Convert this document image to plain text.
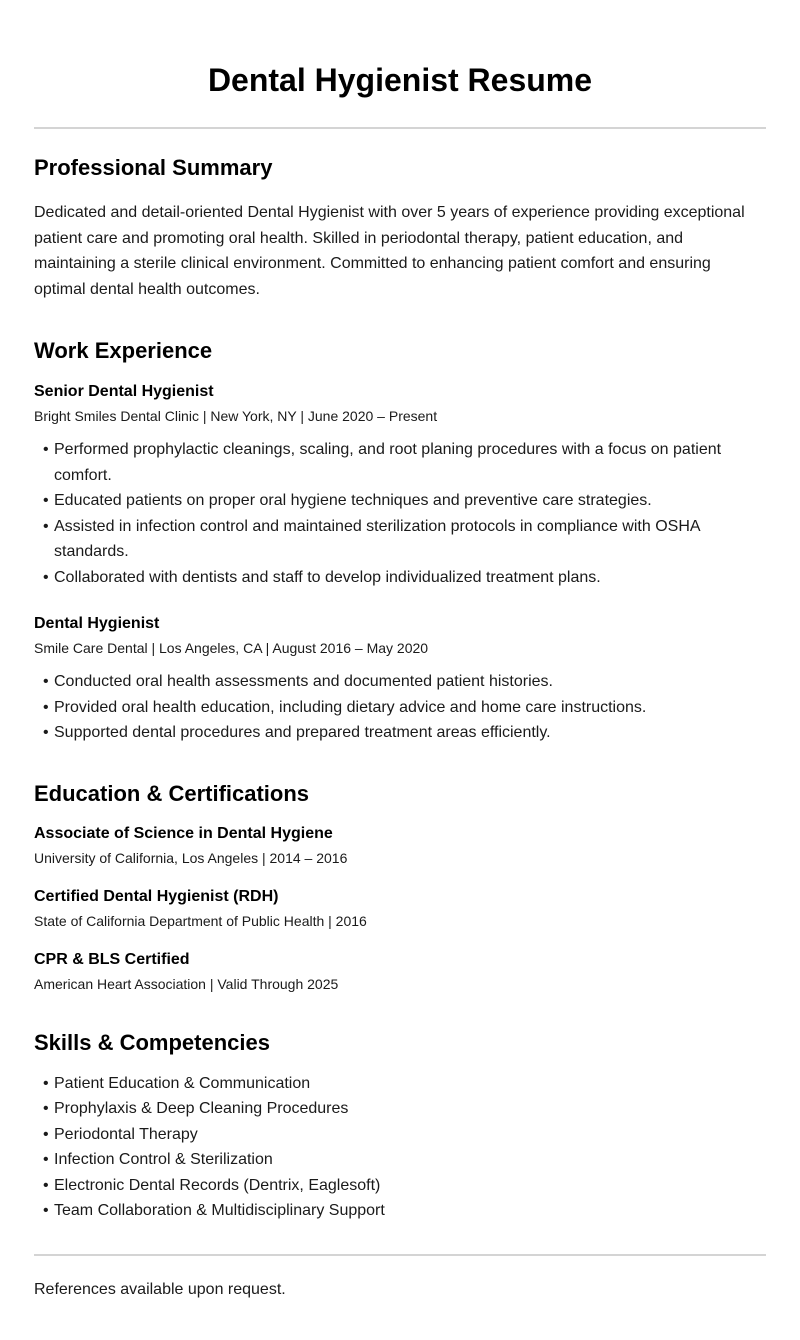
Dental Hygienist Resume
Professional Summary

Dedicated and detail-oriented Dental Hygienist with over 5 years of experience providing exceptional patient care and promoting oral health. Skilled in periodontal therapy, patient education, and maintaining a sterile clinical environment. Committed to enhancing patient comfort and ensuring optimal dental health outcomes.

Work Experience
Senior Dental Hygienist

Bright Smiles Dental Clinic | New York, NY | June 2020 – Present

• Performed prophylactic cleanings, scaling, and root planing procedures with a focus on patient comfort.
• Educated patients on proper oral hygiene techniques and preventive care strategies.
• Assisted in infection control and maintained sterilization protocols in compliance with OSHA standards.
• Collaborated with dentists and staff to develop individualized treatment plans.
Dental Hygienist

Smile Care Dental | Los Angeles, CA | August 2016 – May 2020

• Conducted oral health assessments and documented patient histories.
• Provided oral health education, including dietary advice and home care instructions.
• Supported dental procedures and prepared treatment areas efficiently.
Education & Certifications
Associate of Science in Dental Hygiene

University of California, Los Angeles | 2014 – 2016

Certified Dental Hygienist (RDH)

State of California Department of Public Health | 2016

CPR & BLS Certified

American Heart Association | Valid Through 2025

Skills & Competencies
• Patient Education & Communication
• Prophylaxis & Deep Cleaning Procedures
• Periodontal Therapy
• Infection Control & Sterilization
• Electronic Dental Records (Dentrix, Eaglesoft)
• Team Collaboration & Multidisciplinary Support

References available upon request.
